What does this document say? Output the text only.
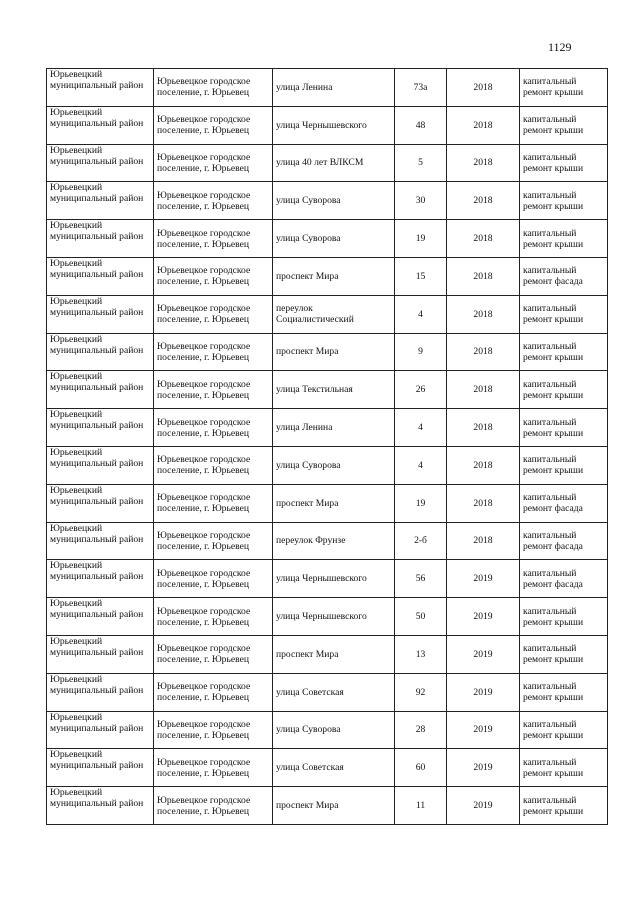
1129
Юрьевецкий муниципальный район	Юрьевецкое городское поселение, г. Юрьевец	улица Ленина	73а	2018	капитальный ремонт крыши
Юрьевецкий муниципальный район	Юрьевецкое городское поселение, г. Юрьевец	улица Чернышевского	48	2018	капитальный ремонт крыши
Юрьевецкий муниципальный район	Юрьевецкое городское поселение, г. Юрьевец	улица 40 лет ВЛКСМ	5	2018	капитальный ремонт крыши
Юрьевецкий муниципальный район	Юрьевецкое городское поселение, г. Юрьевец	улица Суворова	30	2018	капитальный ремонт крыши
Юрьевецкий муниципальный район	Юрьевецкое городское поселение, г. Юрьевец	улица Суворова	19	2018	капитальный ремонт крыши
Юрьевецкий муниципальный район	Юрьевецкое городское поселение, г. Юрьевец	проспект Мира	15	2018	капитальный ремонт фасада
Юрьевецкий муниципальный район	Юрьевецкое городское поселение, г. Юрьевец	переулок Социалистический	4	2018	капитальный ремонт крыши
Юрьевецкий муниципальный район	Юрьевецкое городское поселение, г. Юрьевец	проспект Мира	9	2018	капитальный ремонт крыши
Юрьевецкий муниципальный район	Юрьевецкое городское поселение, г. Юрьевец	улица Текстильная	26	2018	капитальный ремонт крыши
Юрьевецкий муниципальный район	Юрьевецкое городское поселение, г. Юрьевец	улица Ленина	4	2018	капитальный ремонт крыши
Юрьевецкий муниципальный район	Юрьевецкое городское поселение, г. Юрьевец	улица Суворова	4	2018	капитальный ремонт крыши
Юрьевецкий муниципальный район	Юрьевецкое городское поселение, г. Юрьевец	проспект Мира	19	2018	капитальный ремонт фасада
Юрьевецкий муниципальный район	Юрьевецкое городское поселение, г. Юрьевец	переулок Фрунзе	2-б	2018	капитальный ремонт фасада
Юрьевецкий муниципальный район	Юрьевецкое городское поселение, г. Юрьевец	улица Чернышевского	56	2019	капитальный ремонт фасада
Юрьевецкий муниципальный район	Юрьевецкое городское поселение, г. Юрьевец	улица Чернышевского	50	2019	капитальный ремонт крыши
Юрьевецкий муниципальный район	Юрьевецкое городское поселение, г. Юрьевец	проспект Мира	13	2019	капитальный ремонт крыши
Юрьевецкий муниципальный район	Юрьевецкое городское поселение, г. Юрьевец	улица Советская	92	2019	капитальный ремонт крыши
Юрьевецкий муниципальный район	Юрьевецкое городское поселение, г. Юрьевец	улица Суворова	28	2019	капитальный ремонт крыши
Юрьевецкий муниципальный район	Юрьевецкое городское поселение, г. Юрьевец	улица Советская	60	2019	капитальный ремонт крыши
Юрьевецкий муниципальный район	Юрьевецкое городское поселение, г. Юрьевец	проспект Мира	11	2019	капитальный ремонт крыши
